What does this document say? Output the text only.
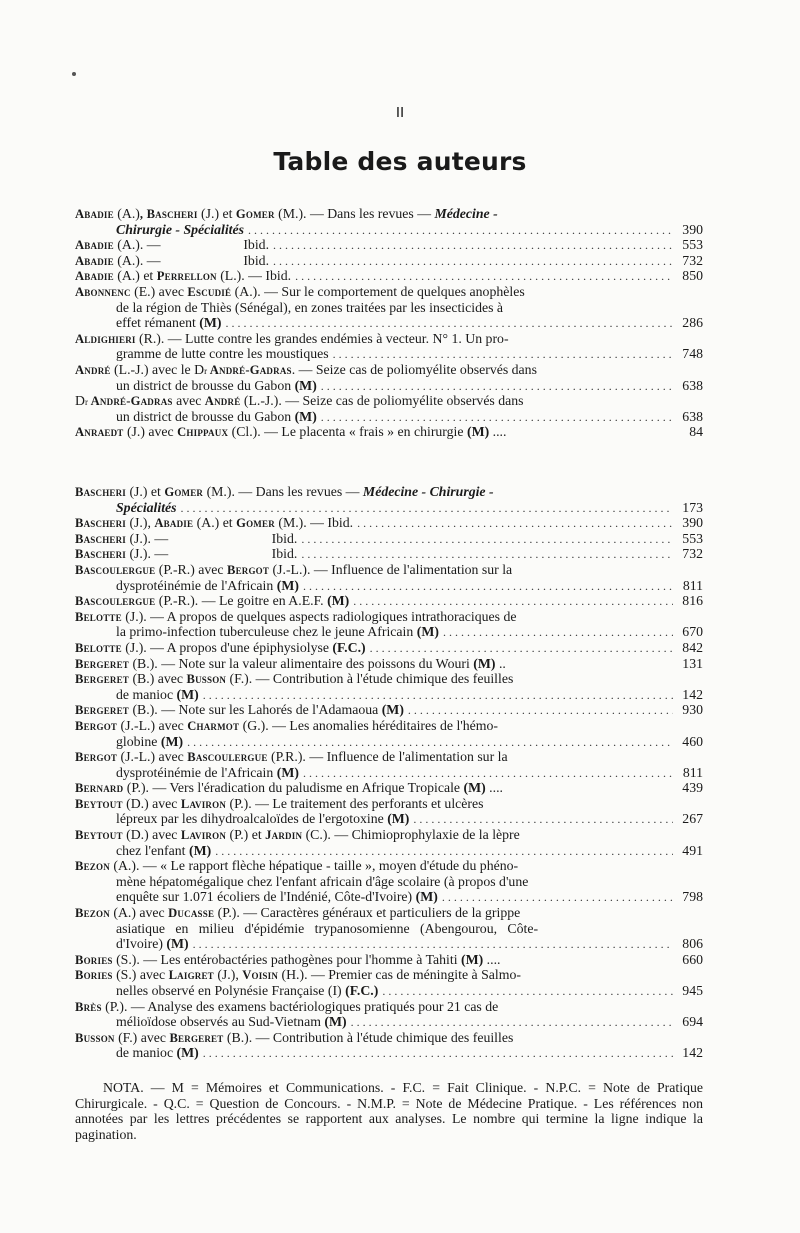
II
Table des auteurs
Abadie (A.) , Bascheri (J.) et Gomer (M.). — Dans les revues — Médecine -
Chirurgie - Spécialités . . .	390
Abadie (A.). —                        Ibid. . . .	553
Abadie (A.). —                        Ibid. . . .	732
Abadie (A.) et Perrellon (L.). — Ibid. . . .	850
Abonnenc (E.) avec Escudié (A.). — Sur le comportement de quelques anophèles
de la région de Thiès (Sénégal), en zones traitées par les insecticides à
effet rémanent (M) . . .	286
Aldighieri (R.). — Lutte contre les grandes endémies à vecteur. N° 1. Un pro-
gramme de lutte contre les moustiques . . .	748
André (L.-J.) avec le D r André-Gadras . — Seize cas de poliomyélite observés dans
un district de brousse du Gabon (M) . . .	638
D r André-Gadras avec André (L.-J.). — Seize cas de poliomyélite observés dans
un district de brousse du Gabon (M) . . .	638
Anraedt (J.) avec Chippaux (Cl.). — Le placenta « frais » en chirurgie (M) ....	84
Bascheri (J.) et Gomer (M.). — Dans les revues — Médecine - Chirurgie -
Spécialités . . .	173
Bascheri (J.), Abadie (A.) et Gomer (M.). — Ibid. . . .	390
Bascheri (J.). —                              Ibid. . . .	553
Bascheri (J.). —                              Ibid. . . .	732
Bascoulergue (P.-R.) avec Bergot (J.-L.). — Influence de l'alimentation sur la
dysprotéinémie de l'Africain (M) . . .	811
Bascoulergue (P.-R.). — Le goitre en A.E.F. (M) . . .	816
Belotte (J.). — A propos de quelques aspects radiologiques intrathoraciques de
la primo-infection tuberculeuse chez le jeune Africain (M) . . .	670
Belotte (J.). — A propos d'une épiphysiolyse (F.C.) . . .	842
Bergeret (B.). — Note sur la valeur alimentaire des poissons du Wouri (M) ..	131
Bergeret (B.) avec Busson (F.). — Contribution à l'étude chimique des feuilles
de manioc (M) . . .	142
Bergeret (B.). — Note sur les Lahorés de l'Adamaoua (M) . . .	930
Bergot (J.-L.) avec Charmot (G.). — Les anomalies héréditaires de l'hémo-
globine (M) . . .	460
Bergot (J.-L.) avec Bascoulergue (P.R.). — Influence de l'alimentation sur la
dysprotéinémie de l'Africain (M) . . .	811
Bernard (P.). — Vers l'éradication du paludisme en Afrique Tropicale (M) ....	439
Beytout (D.) avec Laviron (P.). — Le traitement des perforants et ulcères
lépreux par les dihydroalcaloïdes de l'ergotoxine (M) . . .	267
Beytout (D.) avec Laviron (P.) et Jardin (C.). — Chimioprophylaxie de la lèpre
chez l'enfant (M) . . .	491
Bezon (A.). — « Le rapport flèche hépatique - taille », moyen d'étude du phéno-
mène hépatomégalique chez l'enfant africain d'âge scolaire (à propos d'une
enquête sur 1.071 écoliers de l'Indénié, Côte-d'Ivoire) (M) . . .	798
Bezon (A.) avec Ducasse (P.). — Caractères généraux et particuliers de la grippe
asiatique   en   milieu   d'épidémie   trypanosomienne   (Abengourou,   Côte-
d'Ivoire) (M) . . .	806
Bories (S.). — Les entérobactéries pathogènes pour l'homme à Tahiti (M) ....	660
Bories (S.) avec Laigret (J.), Voisin (H.). — Premier cas de méningite à Salmo-
nelles observé en Polynésie Française (I) (F.C.) . . .	945
Brès (P.). — Analyse des examens bactériologiques pratiqués pour 21 cas de
mélioïdose observés au Sud-Vietnam (M) . . .	694
Busson (F.) avec Bergeret (B.). — Contribution à l'étude chimique des feuilles
de manioc (M) . . .	142

NOTA. — M = Mémoires et Communications. - F.C. = Fait Clinique. - N.P.C. = Note de Pratique Chirurgicale. - Q.C. = Question de Concours. - N.M.P. = Note de Médecine Pratique. - Les références non annotées par les lettres précédentes se rapportent aux analyses. Le nombre qui termine la ligne indique la pagination.
